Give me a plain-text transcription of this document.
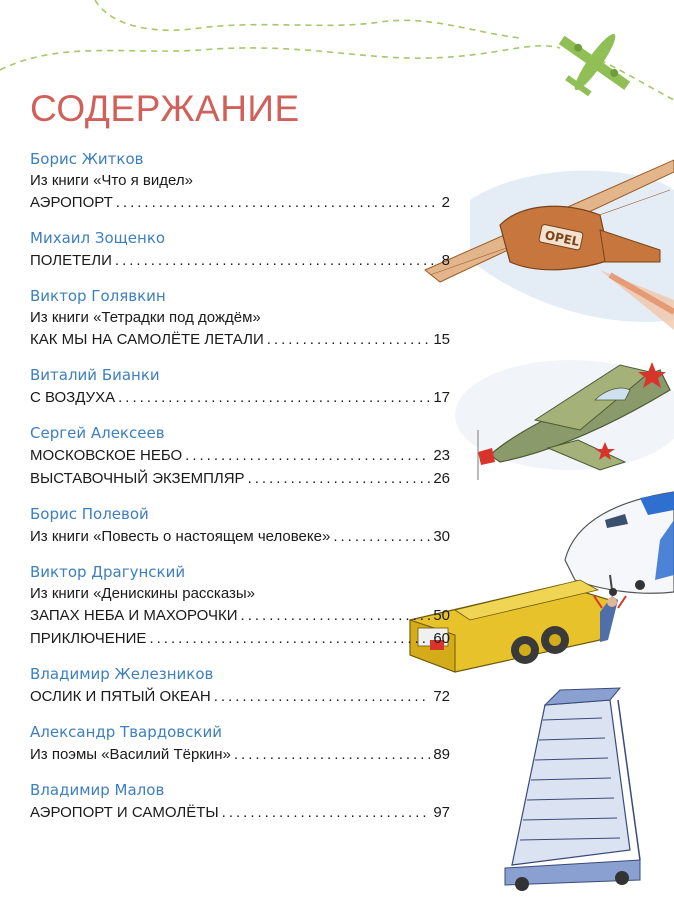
OPEL
СОДЕРЖАНИЕ
Борис Житков
Из книги «Что я видел»
АЭРОПОРТ .....	2
Михаил Зощенко
ПОЛЕТЕЛИ .....	8
Виктор Голявкин
Из книги «Тетрадки под дождём»
КАК МЫ НА САМОЛЁТЕ ЛЕТАЛИ .....	15
Виталий Бианки
С ВОЗДУХА .....	17
Сергей Алексеев
МОСКОВСКОЕ НЕБО .....	23
ВЫСТАВОЧНЫЙ ЭКЗЕМПЛЯР .....	26
Борис Полевой
Из книги «Повесть о настоящем человеке» .....	30
Виктор Драгунский
Из книги «Денискины рассказы»
ЗАПАХ НЕБА И МАХОРОЧКИ .....	50
ПРИКЛЮЧЕНИЕ .....	60
Владимир Железников
ОСЛИК И ПЯТЫЙ ОКЕАН .....	72
Александр Твардовский
Из поэмы «Василий Тёркин» .....	89
Владимир Малов
АЭРОПОРТ И САМОЛЁТЫ .....	97
